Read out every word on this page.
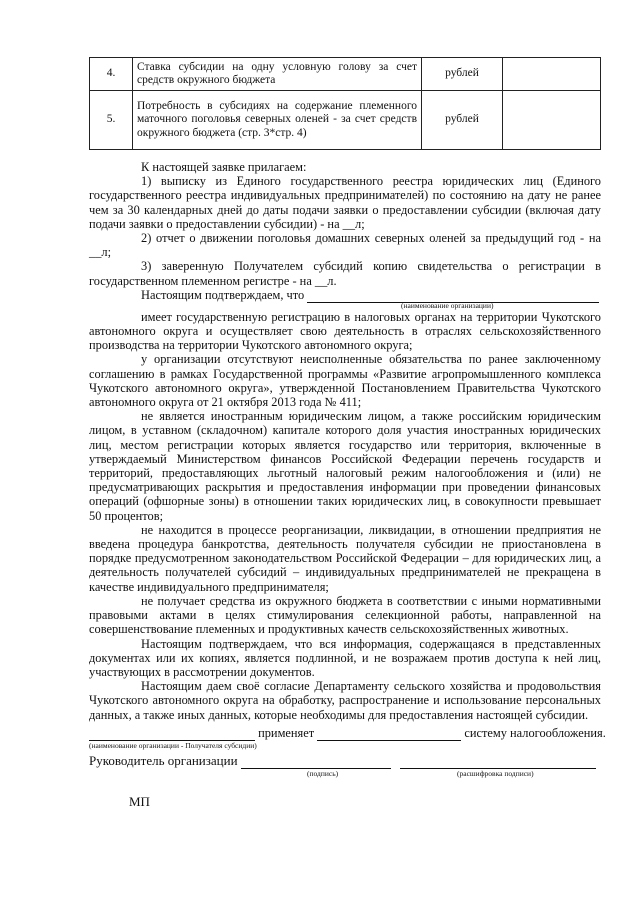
4.	Ставка субсидии на одну условную голову за счет средств окружного бюджета	рублей	
5.	Потребность в субсидиях на содержание племенного маточного поголовья северных оленей - за счет средств окружного бюджета (стр. 3*стр. 4)	рублей	

К настоящей заявке прилагаем:

1) выписку из Единого государственного реестра юридических лиц (Единого государственного реестра индивидуальных предпринимателей) по состоянию на дату не ранее чем за 30 календарных дней до даты подачи заявки о предоставлении субсидии (включая дату подачи заявки о предоставлении субсидии) - на __л;

2) отчет о движении поголовья домашних северных оленей за предыдущий год - на __л;

3) заверенную Получателем субсидий копию свидетельства о регистрации в государственном племенном регистре - на __л.

Настоящим подтверждаем, что
(наименование организации)

имеет государственную регистрацию в налоговых органах на территории Чукотского автономного округа и осуществляет свою деятельность в отраслях сельскохозяйственного производства на территории Чукотского автономного округа;

у организации отсутствуют неисполненные обязательства по ранее заключенному соглашению в рамках Государственной программы «Развитие агропромышленного комплекса Чукотского автономного округа», утвержденной Постановлением Правительства Чукотского автономного округа от 21 октября 2013 года № 411;

не является иностранным юридическим лицом, а также российским юридическим лицом, в уставном (складочном) капитале которого доля участия иностранных юридических лиц, местом регистрации которых является государство или территория, включенные в утверждаемый Министерством финансов Российской Федерации перечень государств и территорий, предоставляющих льготный налоговый режим налогообложения и (или) не предусматривающих раскрытия и предоставления информации при проведении финансовых операций (офшорные зоны) в отношении таких юридических лиц, в совокупности превышает 50 процентов;

не находится в процессе реорганизации, ликвидации, в отношении предприятия не введена процедура банкротства, деятельность получателя субсидии не приостановлена в порядке предусмотренном законодательством Российской Федерации – для юридических лиц, а деятельность получателей субсидий – индивидуальных предпринимателей не прекращена в качестве индивидуального предпринимателя;

не получает средства из окружного бюджета в соответствии с иными нормативными правовыми актами в целях стимулирования селекционной работы, направленной на совершенствование племенных и продуктивных качеств сельскохозяйственных животных.

Настоящим подтверждаем, что вся информация, содержащаяся в представленных документах или их копиях, является подлинной, и не возражаем против доступа к ней лиц, участвующих в рассмотрении документов.

Настоящим даем своё согласие Департаменту сельского хозяйства и продовольствия Чукотского автономного округа на обработку, распространение и использование персональных данных, а также иных данных, которые необходимы для предоставления настоящей субсидии.

применяет	систему налогообложения.
(наименование организации - Получателя субсидии)
Руководитель организации
(подпись)	(расшифровка подписи)
МП
